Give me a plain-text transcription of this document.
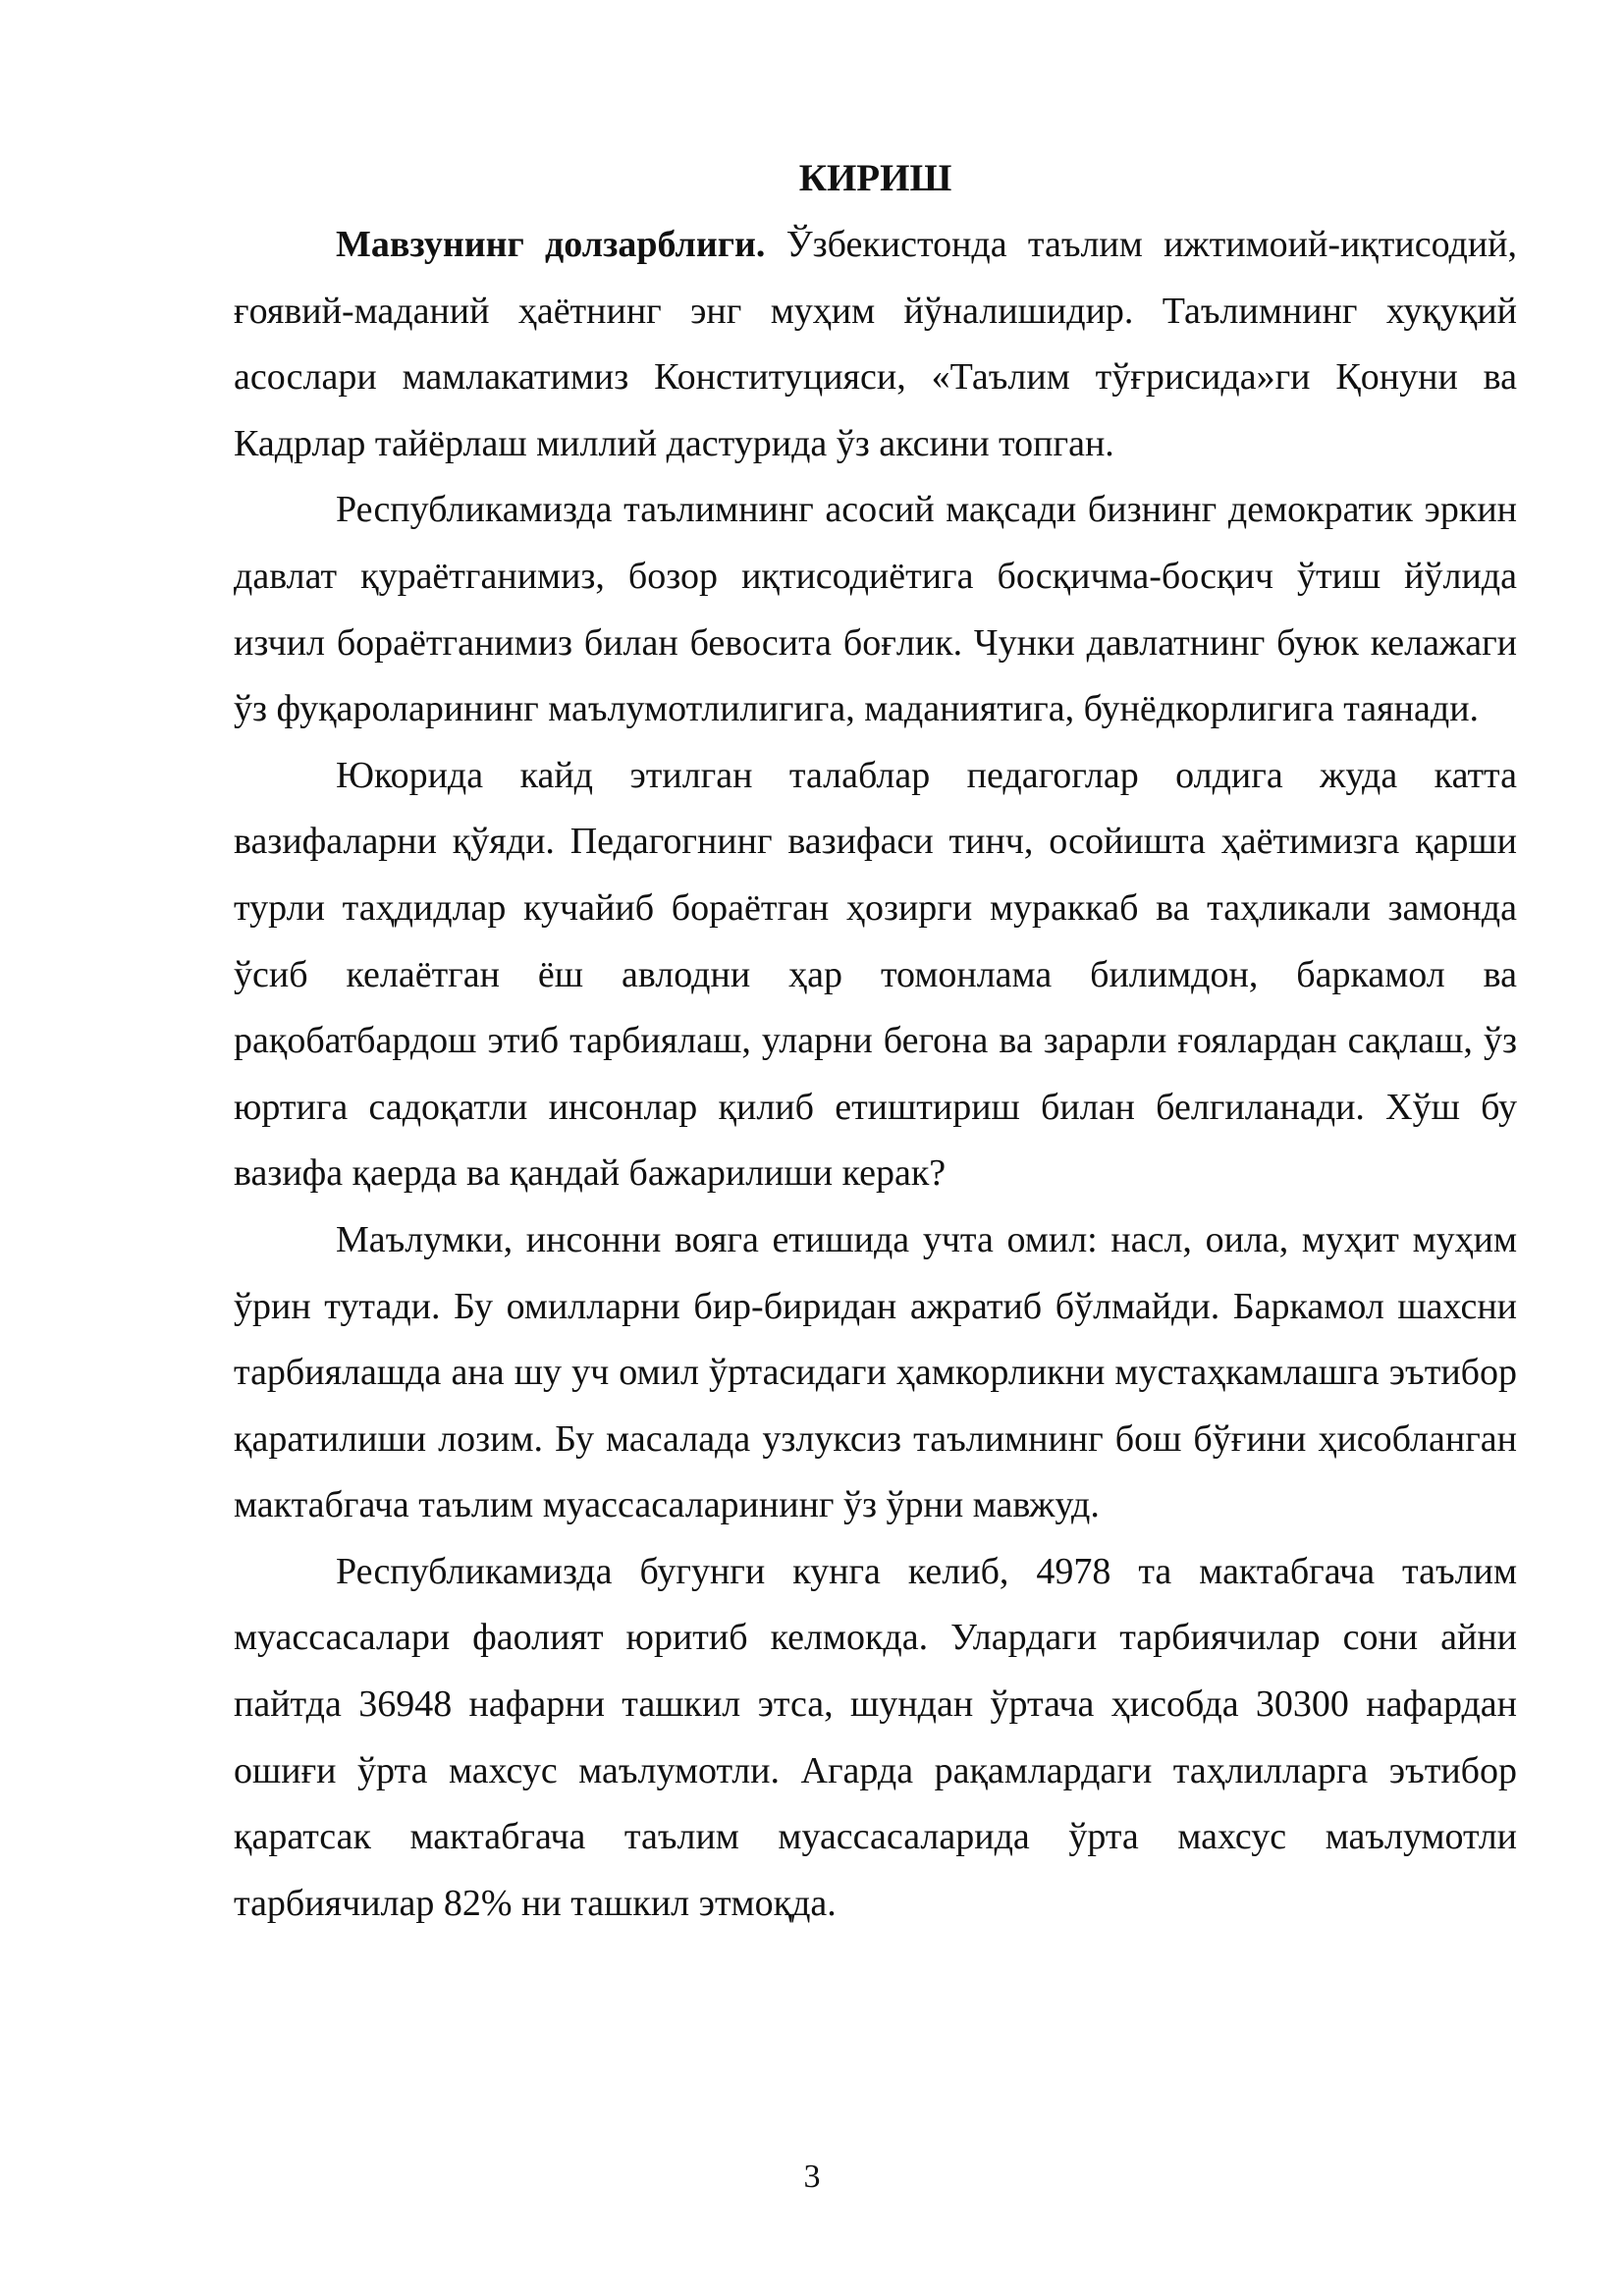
КИРИШ

Мавзунинг долзарблиги. Ўзбекистонда таълим ижтимоий-иқтисодий, ғоявий-маданий ҳаётнинг энг муҳим йўналишидир. Таълимнинг хуқуқий асослари мамлакатимиз Конституцияси, «Таълим тўғрисида»ги Қонуни ва Кадрлар тайёрлаш миллий дастурида ўз аксини топган.

Республикамизда таълимнинг асосий мақсади бизнинг демократик эркин давлат қураётганимиз, бозор иқтисодиётига босқичма-босқич ўтиш йўлида изчил бораётганимиз билан бевосита боғлик. Чунки давлатнинг буюк келажаги ўз фуқароларининг маълумотлилигига, маданиятига, бунёдкорлигига таянади.

Юкорида кайд этилган талаблар педагоглар олдига жуда катта вазифаларни қўяди. Педагогнинг вазифаси тинч, осойишта ҳаётимизга қарши турли таҳдидлар кучайиб бораётган ҳозирги мураккаб ва таҳликали замонда ўсиб келаётган ёш авлодни ҳар томонлама билимдон, баркамол ва рақобатбардош этиб тарбиялаш, уларни бегона ва зарарли ғоялардан сақлаш, ўз юртига садоқатли инсонлар қилиб етиштириш билан белгиланади. Хўш бу вазифа қаерда ва қандай бажарилиши керак?

Маълумки, инсонни вояга етишида учта омил: насл, оила, муҳит муҳим ўрин тутади. Бу омилларни бир-биридан ажратиб бўлмайди. Баркамол шахсни тарбиялашда ана шу уч омил ўртасидаги ҳамкорликни мустаҳкамлашга эътибор қаратилиши лозим. Бу масалада узлуксиз таълимнинг бош бўғини ҳисобланган мактабгача таълим муассасаларининг ўз ўрни мавжуд.

Республикамизда бугунги кунга келиб, 4978 та мактабгача таълим муассасалари фаолият юритиб келмокда. Улардаги тарбиячилар сони айни пайтда 36948 нафарни ташкил этса, шундан ўртача ҳисобда 30300 нафардан ошиғи ўрта махсус маълумотли. Агарда рақамлардаги таҳлилларга эътибор қаратсак мактабгача таълим муассасаларида ўрта махсус маълумотли тарбиячилар 82% ни ташкил этмоқда.

3
